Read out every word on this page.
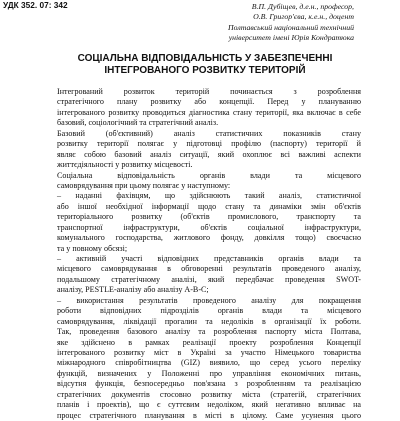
УДК 352. 07: 342	В.П. Дубіщев, д.е.н., професор,
О.В. Григор'єва, к.е.н., доцент
Полтавський національний технічний
університет імені Юрія Кондратюка
СОЦІАЛЬНА ВІДПОВІДАЛЬНІСТЬ У ЗАБЕЗПЕЧЕННІ
ІНТЕГРОВАНОГО РОЗВИТКУ ТЕРИТОРІЙ
Інтегрований розвиток територій починається з розроблення
стратегічного плану розвитку або концепції. Перед у плануванню
інтегрованого розвитку проводиться діагностика стану території, яка включає в себе
базовий, соціологічний та стратегічний аналіз.
Базовий (об'єктивний) аналіз статистичних показників стану
розвитку території полягає у підготовці профілю (паспорту) території й
являє собою базовий аналіз ситуації, який охоплює всі важливі аспекти
життєдіяльності у розвитку місцевості.
Соціальна відповідальність органів влади та місцевого
самоврядування при цьому полягає у наступному:
– наданні фахівцям, що здійснюють такий аналіз, статистичної
або іншої необхідної інформації щодо стану та динаміки змін об'єктів
територіального розвитку (об'єктів промислового, транспорту та
транспортної інфраструктури, об'єктів соціальної інфраструктури,
комунального господарства, житлового фонду, довкілля тощо) своєчасно
та у повному обсязі;
– активній участі відповідних представників органів влади та
місцевого самоврядування в обговоренні результатів проведеного аналізу,
подальшому стратегічному аналізі, який передбачає проведення SWOT-
аналізу, PESTLE-аналізу або аналізу А-В-С;
– використання результатів проведеного аналізу для покращення
роботи відповідних підрозділів органів влади та місцевого
самоврядування, ліквідації прогалин та недоліків в організації їх роботи.
Так, проведення базового аналізу та розроблення паспорту міста Полтава,
яке здійснено в рамках реалізації проекту розроблення Концепції
інтегрованого розвитку міст в Україні за участю Німецького товариства
міжнародного співробітництва (GIZ) виявило, що серед усього переліку
функцій, визначених у Положенні про управління економічних питань,
відсутня функція, безпосередньо пов'язана з розробленням та реалізацією
стратегічних документів стосовно розвитку міста (стратегій, стратегічних
планів і проектів), що є суттєвим недоліком, який негативно впливає на
процес стратегічного планування в місті в цілому. Саме усунення цього
